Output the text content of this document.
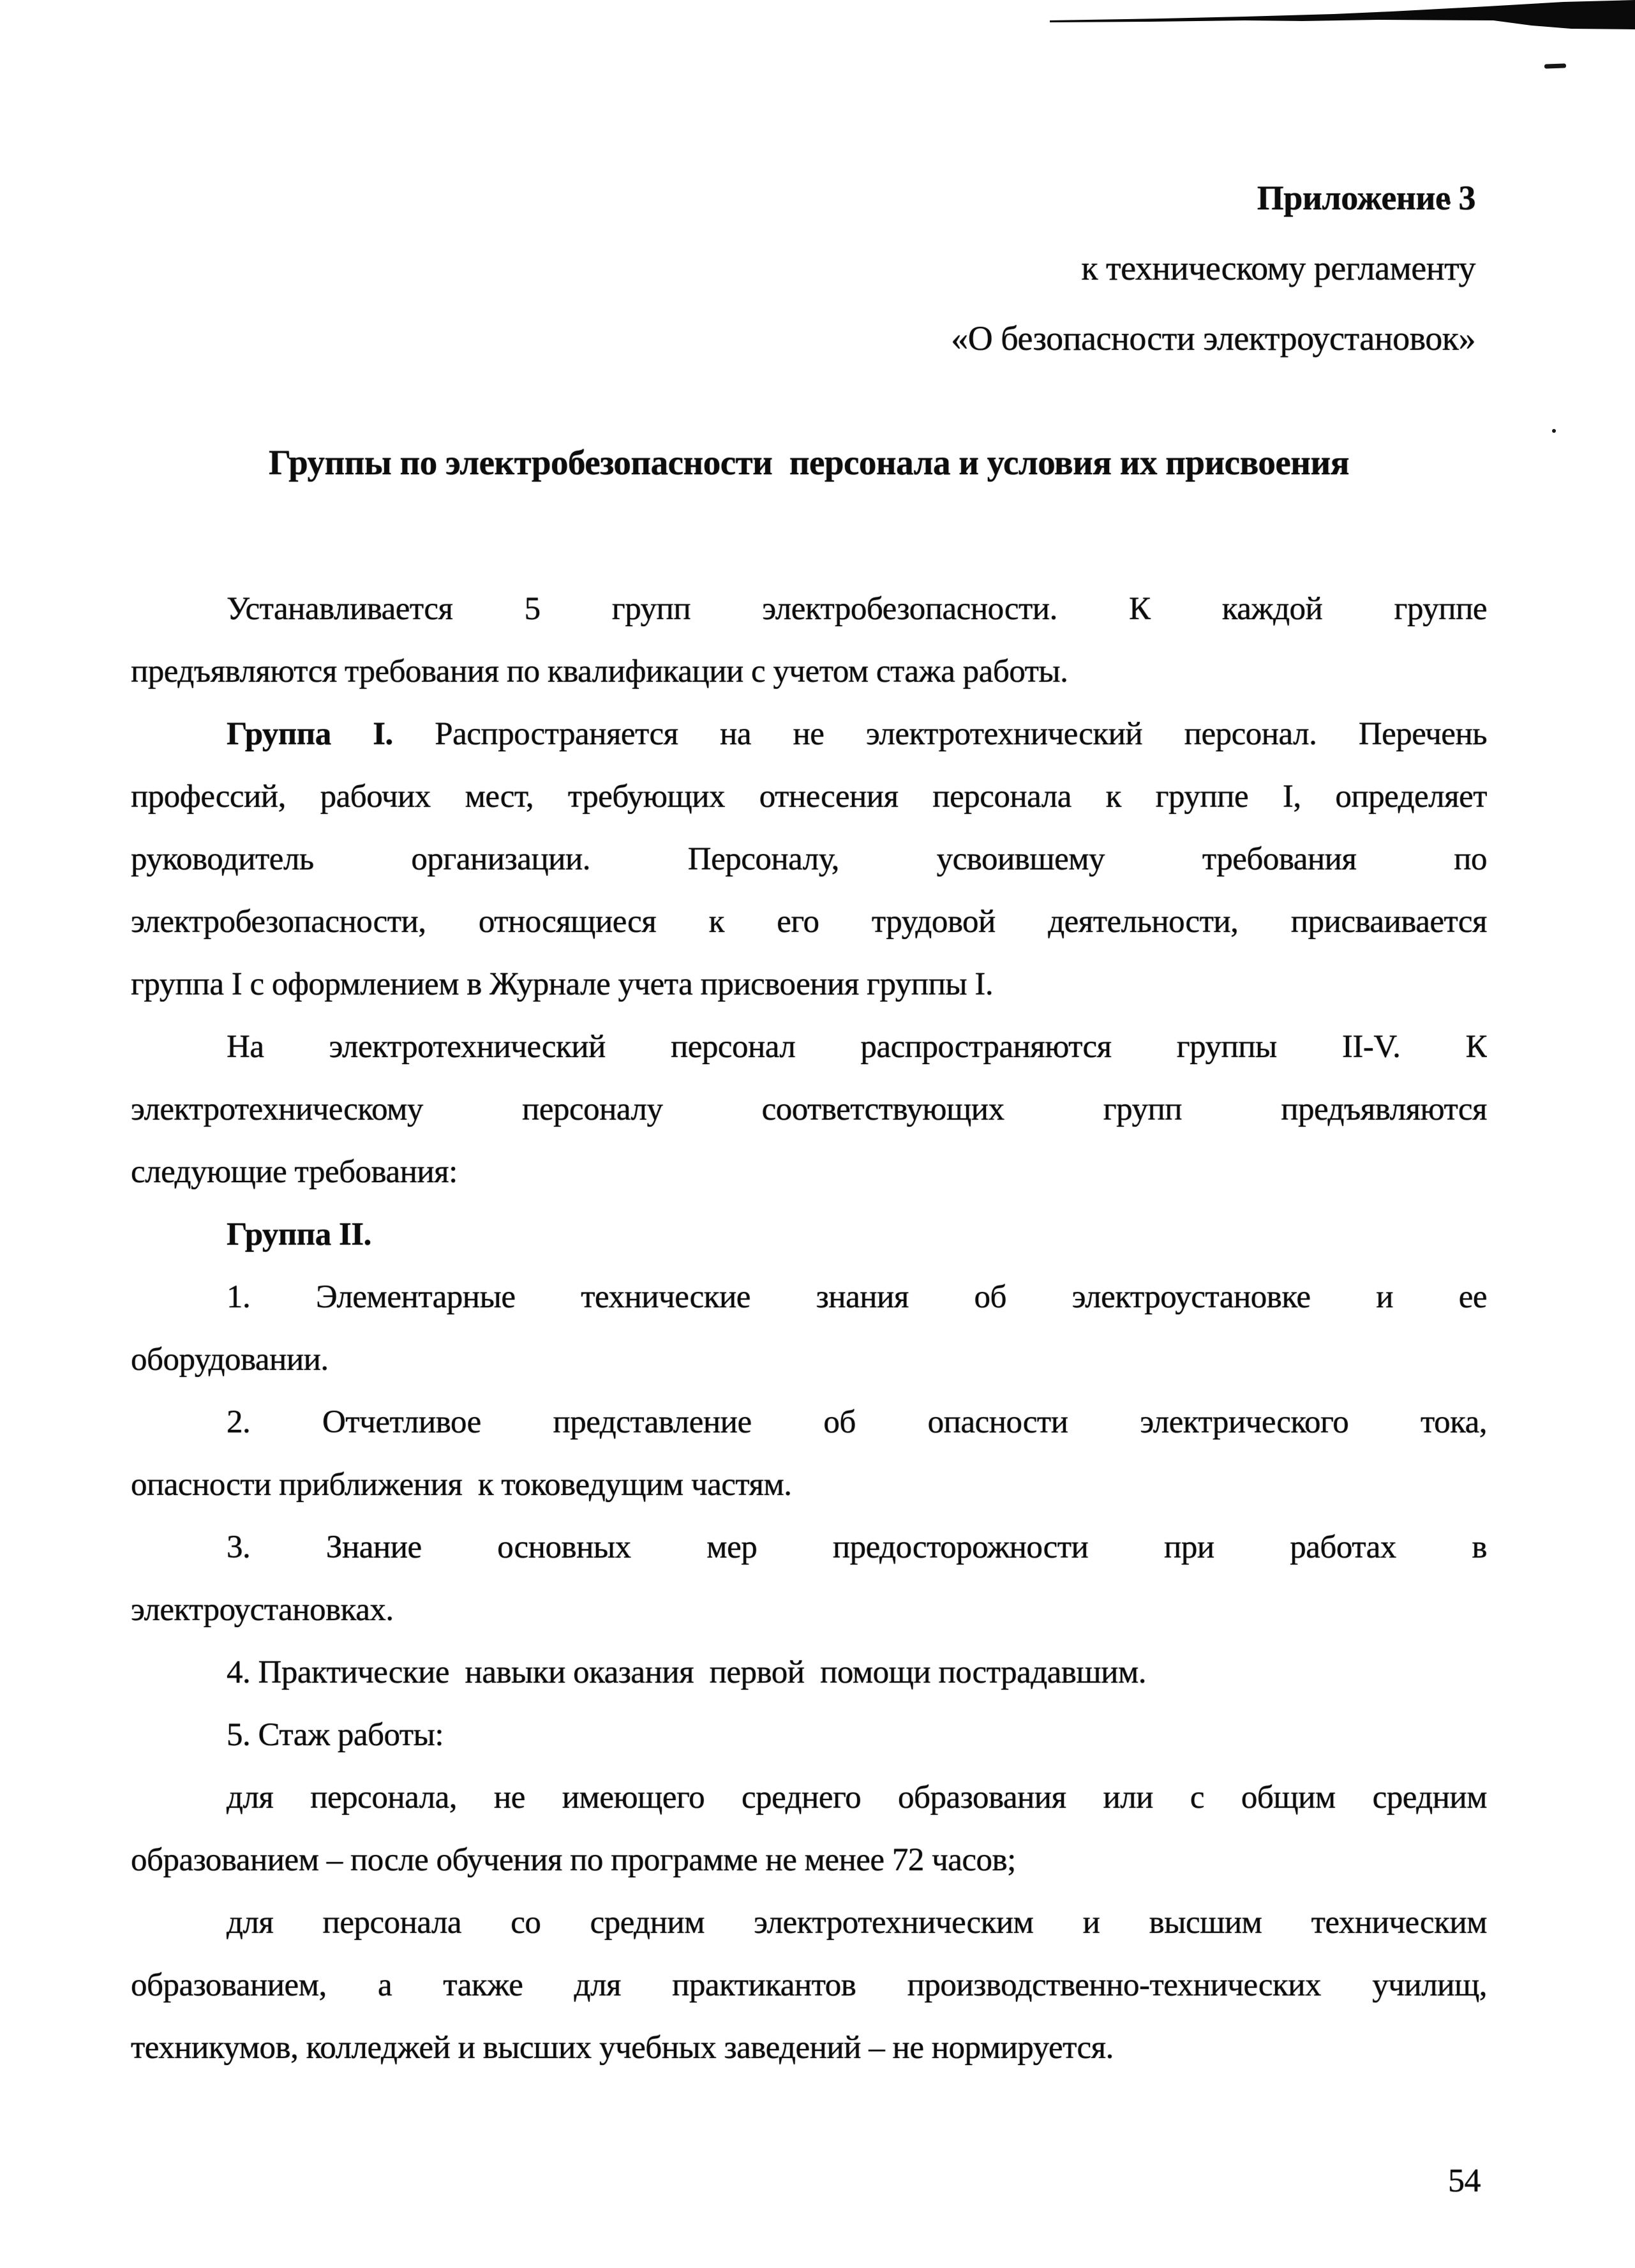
Приложение 3
к техническому регламенту
«О безопасности электроустановок»
Группы по электробезопасности  персонала и условия их присвоения
Устанавливается 5 групп электробезопасности. К каждой группе
предъявляются требования по квалификации с учетом стажа работы.
Группа I. Распространяется на не электротехнический персонал. Перечень
профессий, рабочих мест, требующих отнесения персонала к группе I, определяет
руководитель организации. Персоналу, усвоившему требования по
электробезопасности, относящиеся к его трудовой деятельности, присваивается
группа I с оформлением в Журнале учета присвоения группы I.
На электротехнический персонал распространяются группы II-V. К
электротехническому персоналу соответствующих групп предъявляются
следующие требования:
Группа II.
1. Элементарные технические знания об электроустановке и ее
оборудовании.
2. Отчетливое представление об опасности электрического тока,
опасности приближения  к токоведущим частям.
3. Знание основных мер предосторожности при работах в
электроустановках.
4. Практические  навыки оказания  первой  помощи пострадавшим.
5. Стаж работы:
для персонала, не имеющего среднего образования или с общим средним
образованием – после обучения по программе не менее 72 часов;
для персонала со средним электротехническим и высшим техническим
образованием, а также для практикантов производственно-технических училищ,
техникумов, колледжей и высших учебных заведений – не нормируется.
54
